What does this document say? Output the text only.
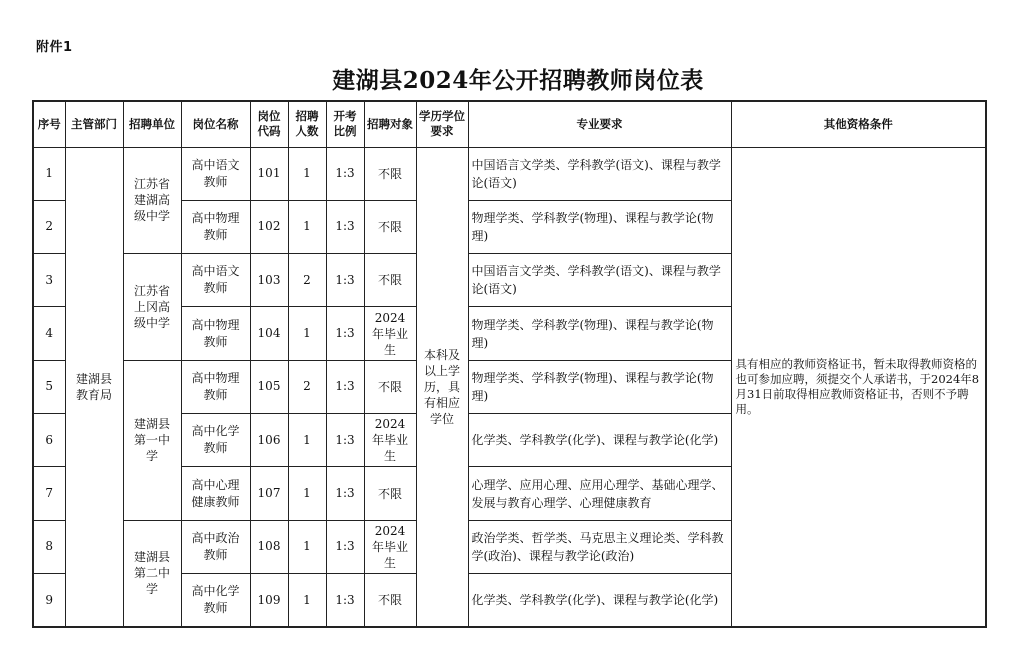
附件1
建湖县2024年公开招聘教师岗位表
序号	主管部门	招聘单位	岗位名称	岗位代码	招聘人数	开考比例	招聘对象	学历学位要求	专业要求	其他资格条件
1	建湖县教育局	江苏省建湖高级中学	高中语文教师	101	1	1:3	不限	本科及以上学历，具有相应学位	中国语言文学类、学科教学(语文)、课程与教学论(语文)	具有相应的教师资格证书，暂未取得教师资格的也可参加应聘，须提交个人承诺书，于2024年8月31日前取得相应教师资格证书，否则不予聘用。
2			高中物理教师	102	1	1:3	不限		物理学类、学科教学(物理)、课程与教学论(物理)	
3		江苏省上冈高级中学	高中语文教师	103	2	1:3	不限		中国语言文学类、学科教学(语文)、课程与教学论(语文)	
4			高中物理教师	104	1	1:3	2024年毕业生		物理学类、学科教学(物理)、课程与教学论(物理)	
5		建湖县第一中学	高中物理教师	105	2	1:3	不限		物理学类、学科教学(物理)、课程与教学论(物理)	
6			高中化学教师	106	1	1:3	2024年毕业生		化学类、学科教学(化学)、课程与教学论(化学)	
7			高中心理健康教师	107	1	1:3	不限		心理学、应用心理、应用心理学、基础心理学、发展与教育心理学、心理健康教育	
8		建湖县第二中学	高中政治教师	108	1	1:3	2024年毕业生		政治学类、哲学类、马克思主义理论类、学科教学(政治)、课程与教学论(政治)	
9			高中化学教师	109	1	1:3	不限		化学类、学科教学(化学)、课程与教学论(化学)	
